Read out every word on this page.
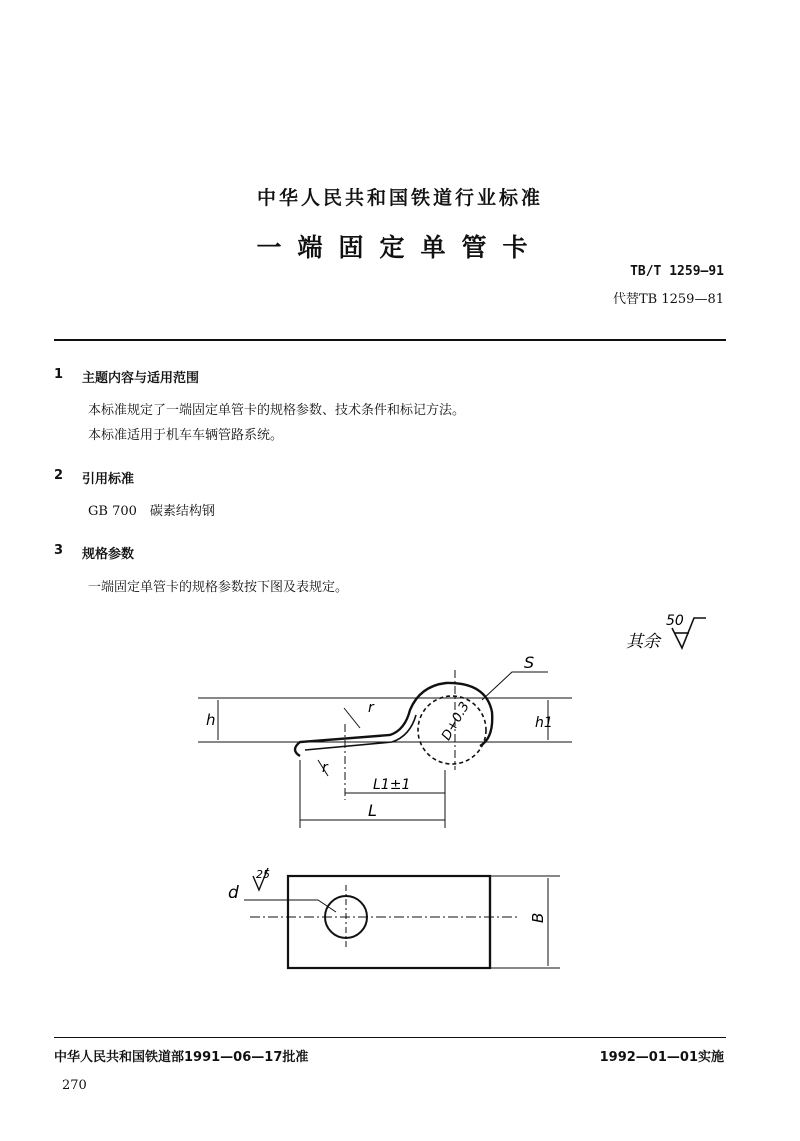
中华人民共和国铁道行业标准
一端固定单管卡
TB/T 1259—91
代替TB 1259—81
1 主题内容与适用范围
本标准规定了一端固定单管卡的规格参数、技术条件和标记方法。
本标准适用于机车车辆管路系统。
2 引用标准
GB 700　碳素结构钢
3 规格参数
一端固定单管卡的规格参数按下图及表规定。
其余
50
S
h	h1
r
r
D+0.3
L1±1
L
d
25
B
中华人民共和国铁道部1991—06—17批准	1992—01—01实施
270
